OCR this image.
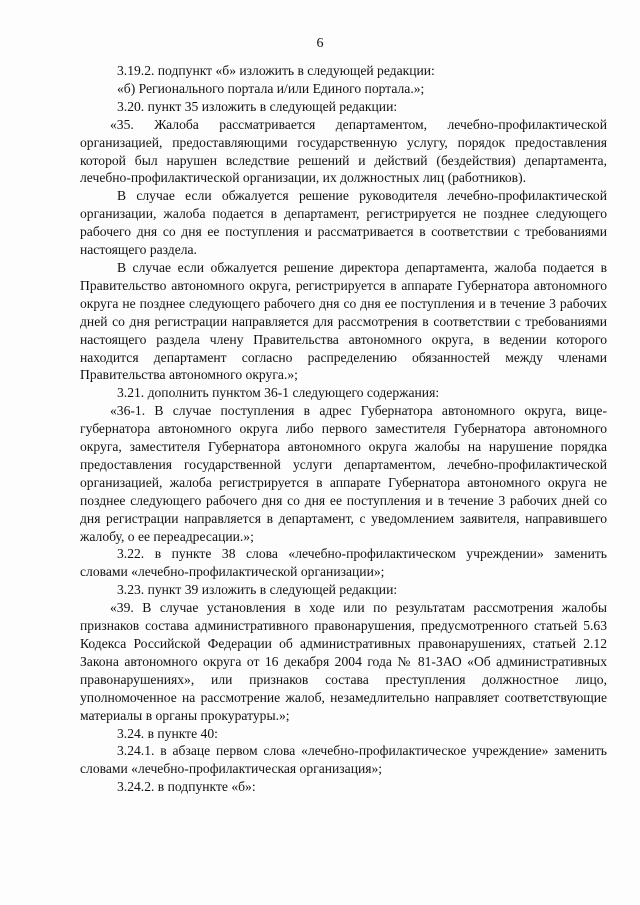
6

3.19.2. подпункт «б» изложить в следующей редакции:

«б) Регионального портала и/или Единого портала.»;

3.20. пункт 35 изложить в следующей редакции:

«35. Жалоба рассматривается департаментом, лечебно-профилактической организацией, предоставляющими государственную услугу, порядок предоставления которой был нарушен вследствие решений и действий (бездействия) департамента, лечебно-профилактической организации, их должностных лиц (работников).

В случае если обжалуется решение руководителя лечебно-профилактической организации, жалоба подается в департамент, регистрируется не позднее следующего рабочего дня со дня ее поступления и рассматривается в соответствии с требованиями настоящего раздела.

В случае если обжалуется решение директора департамента, жалоба подается в Правительство автономного округа, регистрируется в аппарате Губернатора автономного округа не позднее следующего рабочего дня со дня ее поступления и в течение 3 рабочих дней со дня регистрации направляется для рассмотрения в соответствии с требованиями настоящего раздела члену Правительства автономного округа, в ведении которого находится департамент согласно распределению обязанностей между членами Правительства автономного округа.»;

3.21. дополнить пунктом 36-1 следующего содержания:

«36-1. В случае поступления в адрес Губернатора автономного округа, вице-губернатора автономного округа либо первого заместителя Губернатора автономного округа, заместителя Губернатора автономного округа жалобы на нарушение порядка предоставления государственной услуги департаментом, лечебно-профилактической организацией, жалоба регистрируется в аппарате Губернатора автономного округа не позднее следующего рабочего дня со дня ее поступления и в течение 3 рабочих дней со дня регистрации направляется в департамент, с уведомлением заявителя, направившего жалобу, о ее переадресации.»;

3.22. в пункте 38 слова «лечебно-профилактическом учреждении» заменить словами «лечебно-профилактической организации»;

3.23. пункт 39 изложить в следующей редакции:

«39. В случае установления в ходе или по результатам рассмотрения жалобы признаков состава административного правонарушения, предусмотренного статьей 5.63 Кодекса Российской Федерации об административных правонарушениях, статьей 2.12 Закона автономного округа от 16 декабря 2004 года № 81-ЗАО «Об административных правонарушениях», или признаков состава преступления должностное лицо, уполномоченное на рассмотрение жалоб, незамедлительно направляет соответствующие материалы в органы прокуратуры.»;

3.24. в пункте 40:

3.24.1. в абзаце первом слова «лечебно-профилактическое учреждение» заменить словами «лечебно-профилактическая организация»;

3.24.2. в подпункте «б»:
